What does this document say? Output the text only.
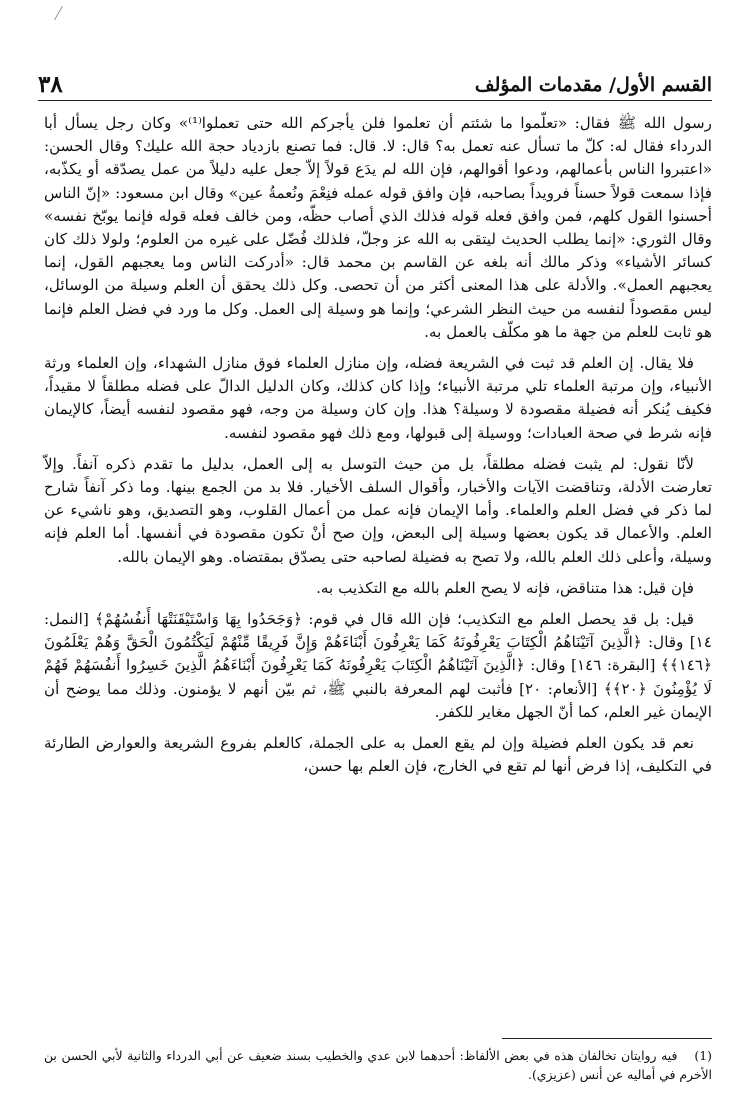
القسم الأول/ مقدمات المؤلف
٣٨

رسول الله ﷺ فقال: «تعلّموا ما شئتم أن تعلموا فلن يأجركم الله حتى تعملوا⁽¹⁾» وكان رجل يسأل أبا الدرداء فقال له: كلّ ما تسأل عنه تعمل به؟ قال: لا. قال: فما تصنع بازدياد حجة الله عليك؟ وقال الحسن: «اعتبروا الناس بأعمالهم، ودعوا أقوالهم، فإن الله لم يدَع قولاً إلاّ جعل عليه دليلاً من عمل يصدّقه أو يكذّبه، فإذا سمعت قولاً حسناً فرويداً بصاحبه، فإن وافق قوله عمله فنِعْمَ ونُعمةُ عين» وقال ابن مسعود: «إنّ الناس أحسنوا القول كلهم، فمن وافق فعله قوله فذلك الذي أصاب حظّه، ومن خالف فعله قوله فإنما يوبّخ نفسه» وقال الثوري: «إنما يطلب الحديث ليتقى به الله عز وجلّ، فلذلك فُضّل على غيره من العلوم؛ ولولا ذلك كان كسائر الأشياء» وذكر مالك أنه بلغه عن القاسم بن محمد قال: «أدركت الناس وما يعجبهم القول، إنما يعجبهم العمل». والأدلة على هذا المعنى أكثر من أن تحصى. وكل ذلك يحقق أن العلم وسيلة من الوسائل، ليس مقصوداً لنفسه من حيث النظر الشرعي؛ وإنما هو وسيلة إلى العمل. وكل ما ورد في فضل العلم فإنما هو ثابت للعلم من جهة ما هو مكلّف بالعمل به.

فلا يقال. إن العلم قد ثبت في الشريعة فضله، وإن منازل العلماء فوق منازل الشهداء، وإن العلماء ورثة الأنبياء، وإن مرتبة العلماء تلي مرتبة الأنبياء؛ وإذا كان كذلك، وكان الدليل الدالّ على فضله مطلقاً لا مقيداً، فكيف يُنكر أنه فضيلة مقصودة لا وسيلة؟ هذا. وإن كان وسيلة من وجه، فهو مقصود لنفسه أيضاً، كالإيمان فإنه شرط في صحة العبادات؛ ووسيلة إلى قبولها، ومع ذلك فهو مقصود لنفسه.

لأنّا نقول: لم يثبت فضله مطلقاً، بل من حيث التوسل به إلى العمل، بدليل ما تقدم ذكره آنفاً. وإلاّ تعارضت الأدلة، وتناقضت الآيات والأخبار، وأقوال السلف الأخيار. فلا بد من الجمع بينها. وما ذكر آنفاً شارح لما ذكر في فضل العلم والعلماء. وأما الإيمان فإنه عمل من أعمال القلوب، وهو التصديق، وهو ناشيء عن العلم. والأعمال قد يكون بعضها وسيلة إلى البعض، وإن صح أنْ تكون مقصودة في أنفسها. أما العلم فإنه وسيلة، وأعلى ذلك العلم بالله، ولا تصح به فضيلة لصاحبه حتى يصدّق بمقتضاه. وهو الإيمان بالله.

فإن قيل: هذا متناقض، فإنه لا يصح العلم بالله مع التكذيب به.

قيل: بل قد يحصل العلم مع التكذيب؛ فإن الله قال في قوم: ﴿وَجَحَدُوا بِهَا وَاسْتَيْقَنَتْهَا أَنفُسُهُمْ﴾ [النمل: ١٤] وقال: ﴿الَّذِينَ آتَيْنَاهُمُ الْكِتَابَ يَعْرِفُونَهُ كَمَا يَعْرِفُونَ أَبْنَاءَهُمْ وَإِنَّ فَرِيقًا مِّنْهُمْ لَيَكْتُمُونَ الْحَقَّ وَهُمْ يَعْلَمُونَ ﴿١٤٦﴾﴾ [البقرة: ١٤٦] وقال: ﴿الَّذِينَ آتَيْنَاهُمُ الْكِتَابَ يَعْرِفُونَهُ كَمَا يَعْرِفُونَ أَبْنَاءَهُمُ الَّذِينَ خَسِرُوا أَنفُسَهُمْ فَهُمْ لَا يُؤْمِنُونَ ﴿٢٠﴾﴾ [الأنعام: ٢٠] فأثبت لهم المعرفة بالنبي ﷺ، ثم بيّن أنهم لا يؤمنون. وذلك مما يوضح أن الإيمان غير العلم، كما أنّ الجهل مغاير للكفر.

نعم قد يكون العلم فضيلة وإن لم يقع العمل به على الجملة، كالعلم بفروع الشريعة والعوارض الطارئة في التكليف، إذا فرض أنها لم تقع في الخارج، فإن العلم بها حسن،

(1) فيه روايتان تخالفان هذه في بعض الألفاظ: أحدهما لابن عدي والخطيب بسند ضعيف عن أبي الدرداء والثانية لأبي الحسن بن الأخرم في أماليه عن أنس (عزيزي).
